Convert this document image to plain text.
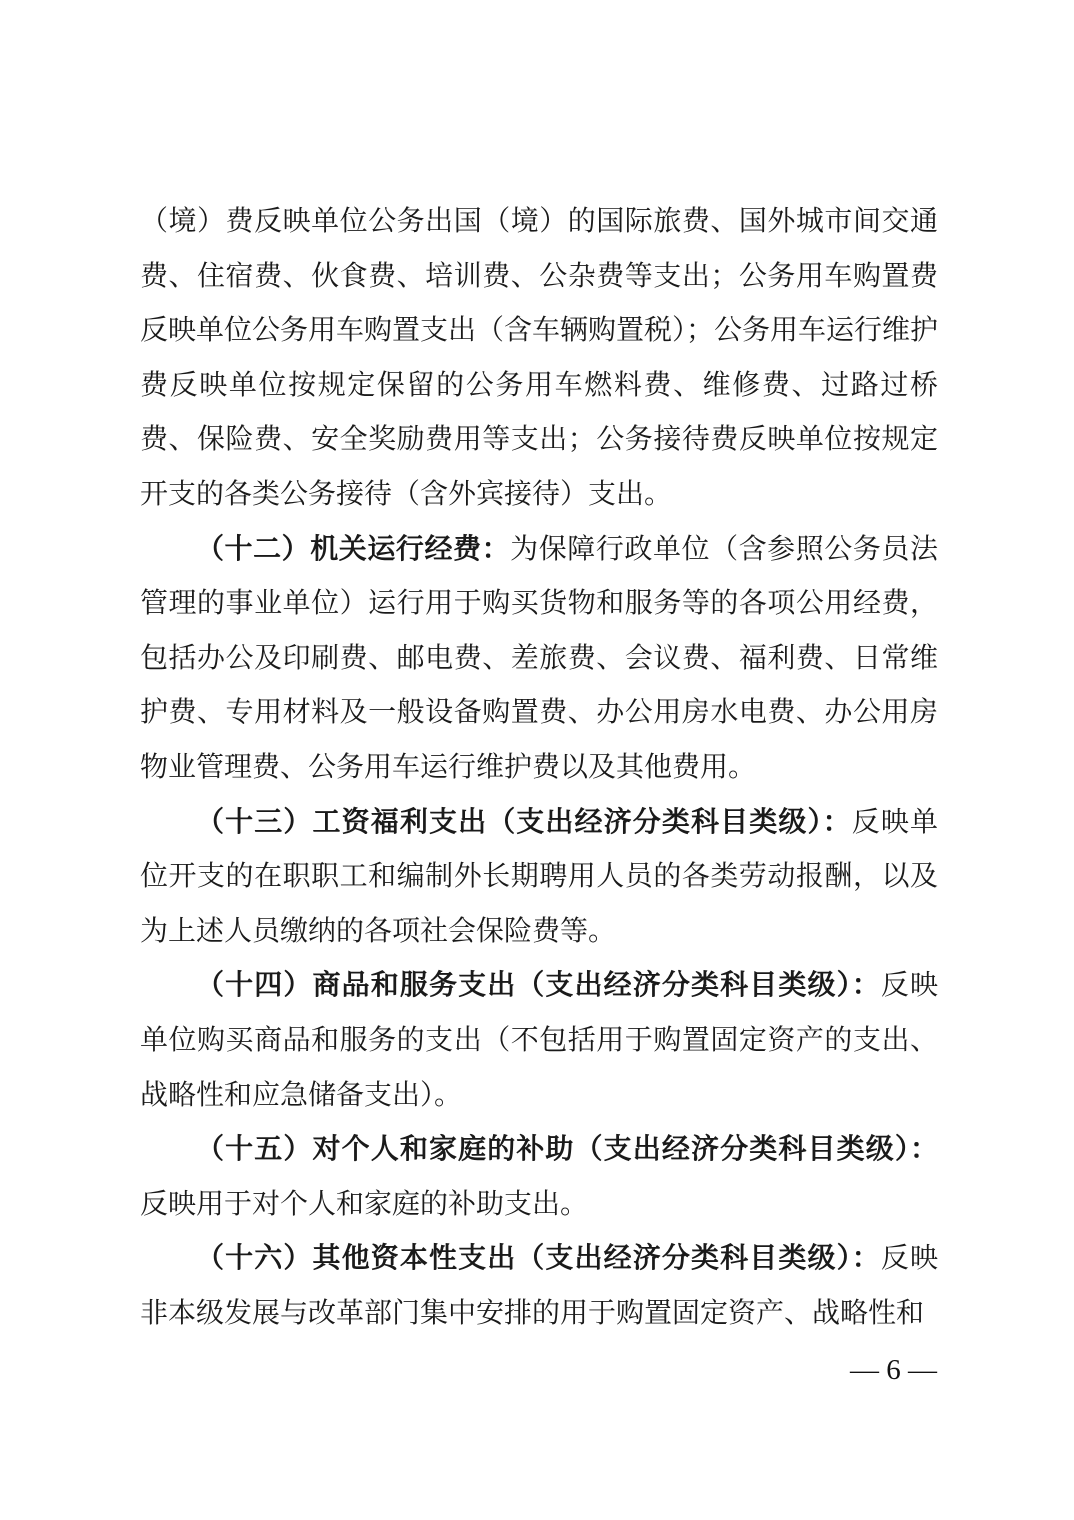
（境）费反映单位公务出国（境）的国际旅费、国外城市间交通费、住宿费、伙食费、培训费、公杂费等支出；公务用车购置费反映单位公务用车购置支出（含车辆购置税）；公务用车运行维护费反映单位按规定保留的公务用车燃料费、维修费、过路过桥费、保险费、安全奖励费用等支出；公务接待费反映单位按规定开支的各类公务接待（含外宾接待）支出。

（十二）机关运行经费：为保障行政单位（含参照公务员法管理的事业单位）运行用于购买货物和服务等的各项公用经费，包括办公及印刷费、邮电费、差旅费、会议费、福利费、日常维护费、专用材料及一般设备购置费、办公用房水电费、办公用房物业管理费、公务用车运行维护费以及其他费用。

（十三）工资福利支出（支出经济分类科目类级）：反映单位开支的在职职工和编制外长期聘用人员的各类劳动报酬，以及为上述人员缴纳的各项社会保险费等。

（十四）商品和服务支出（支出经济分类科目类级）：反映单位购买商品和服务的支出（不包括用于购置固定资产的支出、战略性和应急储备支出）。

（十五）对个人和家庭的补助（支出经济分类科目类级）：反映用于对个人和家庭的补助支出。

（十六）其他资本性支出（支出经济分类科目类级）：反映非本级发展与改革部门集中安排的用于购置固定资产、战略性和

— 6 —
